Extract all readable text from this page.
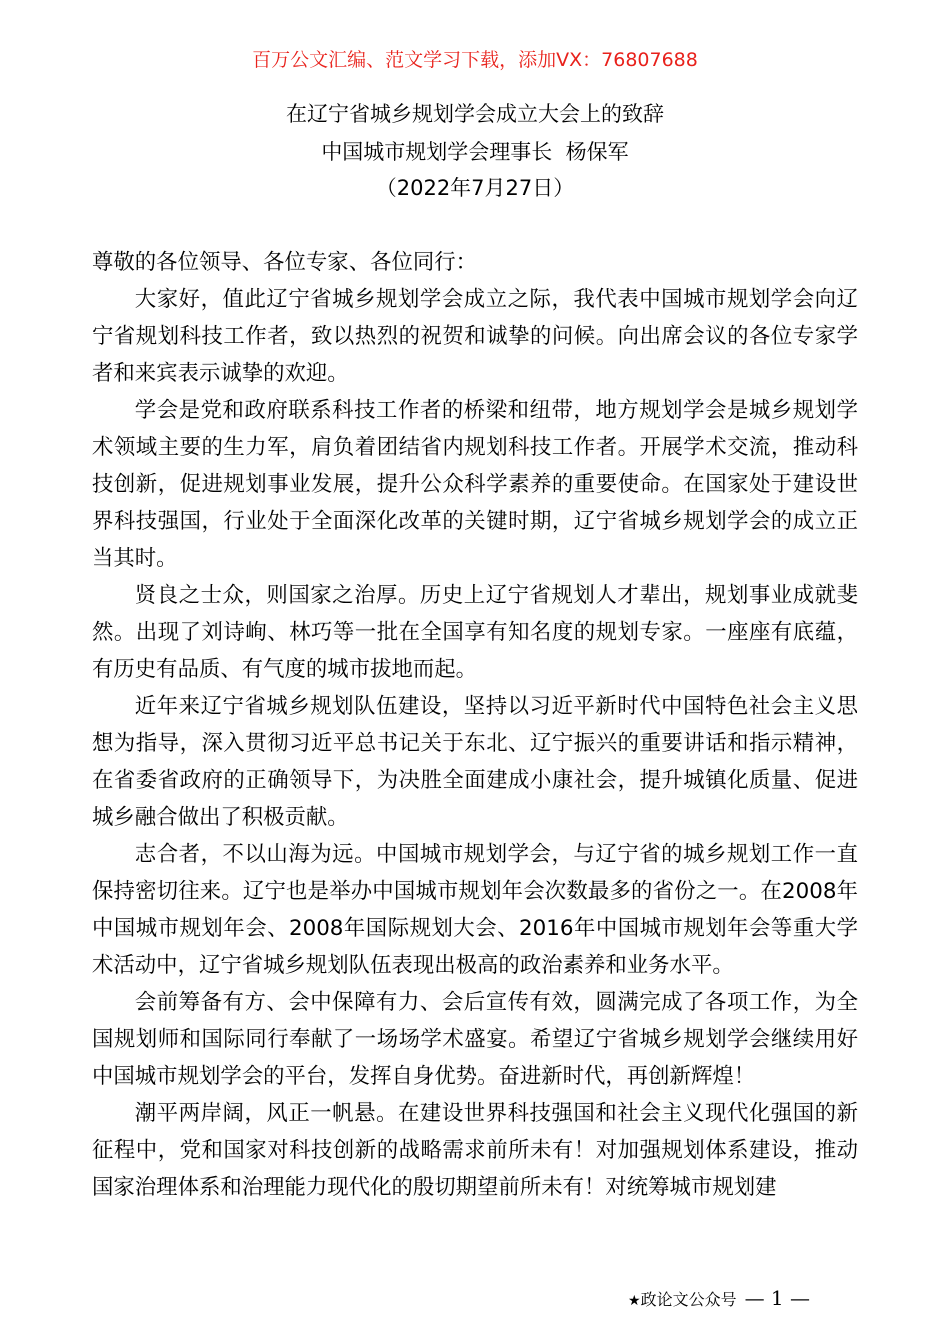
百万公文汇编、范文学习下载，添加VX：76807688
在辽宁省城乡规划学会成立大会上的致辞
中国城市规划学会理事长  杨保军
（2022年7月27日）

尊敬的各位领导、各位专家、各位同行：

大家好，值此辽宁省城乡规划学会成立之际，我代表中国城市规划学会向辽宁省规划科技工作者，致以热烈的祝贺和诚挚的问候。向出席会议的各位专家学者和来宾表示诚挚的欢迎。

学会是党和政府联系科技工作者的桥梁和纽带，地方规划学会是城乡规划学术领域主要的生力军，肩负着团结省内规划科技工作者。开展学术交流，推动科技创新，促进规划事业发展，提升公众科学素养的重要使命。在国家处于建设世界科技强国，行业处于全面深化改革的关键时期，辽宁省城乡规划学会的成立正当其时。

贤良之士众，则国家之治厚。历史上辽宁省规划人才辈出，规划事业成就斐然。出现了刘诗峋、林巧等一批在全国享有知名度的规划专家。一座座有底蕴，有历史有品质、有气度的城市拔地而起。

近年来辽宁省城乡规划队伍建设，坚持以习近平新时代中国特色社会主义思想为指导，深入贯彻习近平总书记关于东北、辽宁振兴的重要讲话和指示精神，在省委省政府的正确领导下，为决胜全面建成小康社会，提升城镇化质量、促进城乡融合做出了积极贡献。

志合者，不以山海为远。中国城市规划学会，与辽宁省的城乡规划工作一直保持密切往来。辽宁也是举办中国城市规划年会次数最多的省份之一。在2008年中国城市规划年会、2008年国际规划大会、2016年中国城市规划年会等重大学术活动中，辽宁省城乡规划队伍表现出极高的政治素养和业务水平。

会前筹备有方、会中保障有力、会后宣传有效，圆满完成了各项工作，为全国规划师和国际同行奉献了一场场学术盛宴。希望辽宁省城乡规划学会继续用好中国城市规划学会的平台，发挥自身优势。奋进新时代，再创新辉煌！

潮平两岸阔，风正一帆悬。在建设世界科技强国和社会主义现代化强国的新征程中，党和国家对科技创新的战略需求前所未有！对加强规划体系建设，推动国家治理体系和治理能力现代化的殷切期望前所未有！对统筹城市规划建

★政论文公众号 — 1 —
